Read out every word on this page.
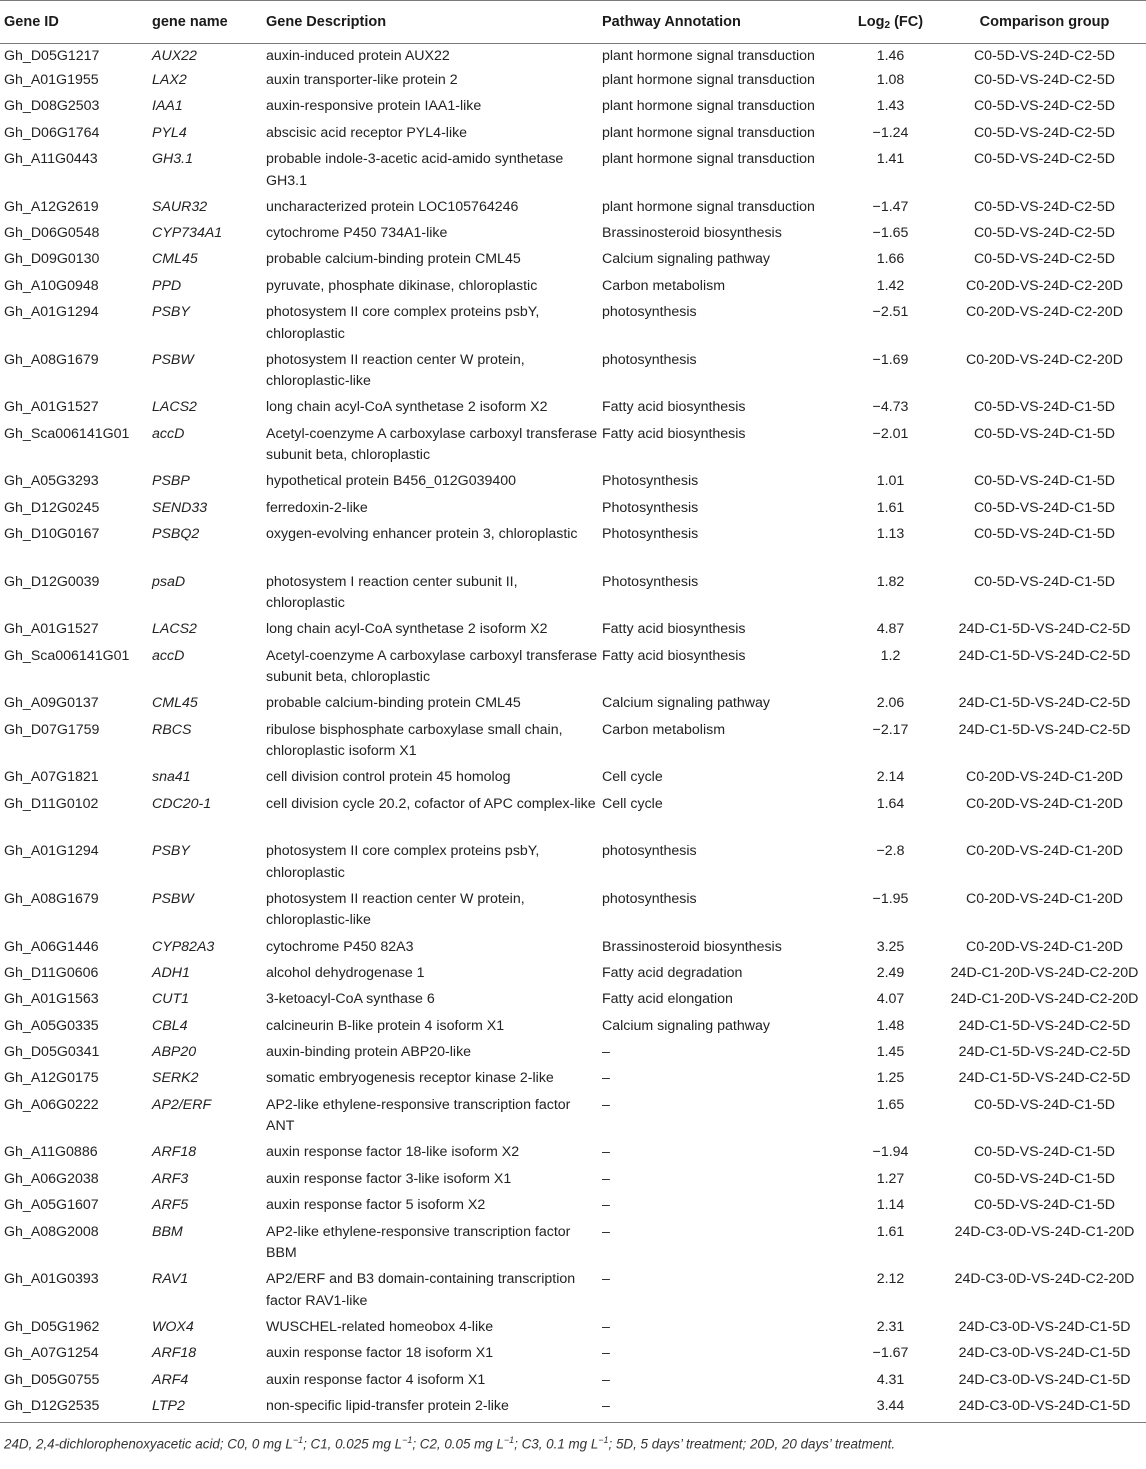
Gene ID	gene name	Gene Description	Pathway Annotation	Log2 (FC)	Comparison group
Gh_D05G1217	AUX22	auxin-induced protein AUX22	plant hormone signal transduction	1.46	C0-5D-VS-24D-C2-5D
Gh_A01G1955	LAX2	auxin transporter-like protein 2	plant hormone signal transduction	1.08	C0-5D-VS-24D-C2-5D
Gh_D08G2503	IAA1	auxin-responsive protein IAA1-like	plant hormone signal transduction	1.43	C0-5D-VS-24D-C2-5D
Gh_D06G1764	PYL4	abscisic acid receptor PYL4-like	plant hormone signal transduction	−1.24	C0-5D-VS-24D-C2-5D
Gh_A11G0443	GH3.1	probable indole-3-acetic acid-amido synthetase GH3.1	plant hormone signal transduction	1.41	C0-5D-VS-24D-C2-5D
Gh_A12G2619	SAUR32	uncharacterized protein LOC105764246	plant hormone signal transduction	−1.47	C0-5D-VS-24D-C2-5D
Gh_D06G0548	CYP734A1	cytochrome P450 734A1-like	Brassinosteroid biosynthesis	−1.65	C0-5D-VS-24D-C2-5D
Gh_D09G0130	CML45	probable calcium-binding protein CML45	Calcium signaling pathway	1.66	C0-5D-VS-24D-C2-5D
Gh_A10G0948	PPD	pyruvate, phosphate dikinase, chloroplastic	Carbon metabolism	1.42	C0-20D-VS-24D-C2-20D
Gh_A01G1294	PSBY	photosystem II core complex proteins psbY, chloroplastic	photosynthesis	−2.51	C0-20D-VS-24D-C2-20D
Gh_A08G1679	PSBW	photosystem II reaction center W protein, chloroplastic-like	photosynthesis	−1.69	C0-20D-VS-24D-C2-20D
Gh_A01G1527	LACS2	long chain acyl-CoA synthetase 2 isoform X2	Fatty acid biosynthesis	−4.73	C0-5D-VS-24D-C1-5D
Gh_Sca006141G01	accD	Acetyl-coenzyme A carboxylase carboxyl transferase subunit beta, chloroplastic	Fatty acid biosynthesis	−2.01	C0-5D-VS-24D-C1-5D
Gh_A05G3293	PSBP	hypothetical protein B456_012G039400	Photosynthesis	1.01	C0-5D-VS-24D-C1-5D
Gh_D12G0245	SEND33	ferredoxin-2-like	Photosynthesis	1.61	C0-5D-VS-24D-C1-5D
Gh_D10G0167	PSBQ2	oxygen-evolving enhancer protein 3, chloroplastic	Photosynthesis	1.13	C0-5D-VS-24D-C1-5D
Gh_D12G0039	psaD	photosystem I reaction center subunit II, chloroplastic	Photosynthesis	1.82	C0-5D-VS-24D-C1-5D
Gh_A01G1527	LACS2	long chain acyl-CoA synthetase 2 isoform X2	Fatty acid biosynthesis	4.87	24D-C1-5D-VS-24D-C2-5D
Gh_Sca006141G01	accD	Acetyl-coenzyme A carboxylase carboxyl transferase subunit beta, chloroplastic	Fatty acid biosynthesis	1.2	24D-C1-5D-VS-24D-C2-5D
Gh_A09G0137	CML45	probable calcium-binding protein CML45	Calcium signaling pathway	2.06	24D-C1-5D-VS-24D-C2-5D
Gh_D07G1759	RBCS	ribulose bisphosphate carboxylase small chain, chloroplastic isoform X1	Carbon metabolism	−2.17	24D-C1-5D-VS-24D-C2-5D
Gh_A07G1821	sna41	cell division control protein 45 homolog	Cell cycle	2.14	C0-20D-VS-24D-C1-20D
Gh_D11G0102	CDC20-1	cell division cycle 20.2, cofactor of APC complex-like	Cell cycle	1.64	C0-20D-VS-24D-C1-20D
Gh_A01G1294	PSBY	photosystem II core complex proteins psbY, chloroplastic	photosynthesis	−2.8	C0-20D-VS-24D-C1-20D
Gh_A08G1679	PSBW	photosystem II reaction center W protein, chloroplastic-like	photosynthesis	−1.95	C0-20D-VS-24D-C1-20D
Gh_A06G1446	CYP82A3	cytochrome P450 82A3	Brassinosteroid biosynthesis	3.25	C0-20D-VS-24D-C1-20D
Gh_D11G0606	ADH1	alcohol dehydrogenase 1	Fatty acid degradation	2.49	24D-C1-20D-VS-24D-C2-20D
Gh_A01G1563	CUT1	3-ketoacyl-CoA synthase 6	Fatty acid elongation	4.07	24D-C1-20D-VS-24D-C2-20D
Gh_A05G0335	CBL4	calcineurin B-like protein 4 isoform X1	Calcium signaling pathway	1.48	24D-C1-5D-VS-24D-C2-5D
Gh_D05G0341	ABP20	auxin-binding protein ABP20-like	–	1.45	24D-C1-5D-VS-24D-C2-5D
Gh_A12G0175	SERK2	somatic embryogenesis receptor kinase 2-like	–	1.25	24D-C1-5D-VS-24D-C2-5D
Gh_A06G0222	AP2/ERF	AP2-like ethylene-responsive transcription factor ANT	–	1.65	C0-5D-VS-24D-C1-5D
Gh_A11G0886	ARF18	auxin response factor 18-like isoform X2	–	−1.94	C0-5D-VS-24D-C1-5D
Gh_A06G2038	ARF3	auxin response factor 3-like isoform X1	–	1.27	C0-5D-VS-24D-C1-5D
Gh_A05G1607	ARF5	auxin response factor 5 isoform X2	–	1.14	C0-5D-VS-24D-C1-5D
Gh_A08G2008	BBM	AP2-like ethylene-responsive transcription factor BBM	–	1.61	24D-C3-0D-VS-24D-C1-20D
Gh_A01G0393	RAV1	AP2/ERF and B3 domain-containing transcription factor RAV1-like	–	2.12	24D-C3-0D-VS-24D-C2-20D
Gh_D05G1962	WOX4	WUSCHEL-related homeobox 4-like	–	2.31	24D-C3-0D-VS-24D-C1-5D
Gh_A07G1254	ARF18	auxin response factor 18 isoform X1	–	−1.67	24D-C3-0D-VS-24D-C1-5D
Gh_D05G0755	ARF4	auxin response factor 4 isoform X1	–	4.31	24D-C3-0D-VS-24D-C1-5D
Gh_D12G2535	LTP2	non-specific lipid-transfer protein 2-like	–	3.44	24D-C3-0D-VS-24D-C1-5D
24D, 2,4-dichlorophenoxyacetic acid; C0, 0 mg $L^{-1}$; C1, 0.025 mg $L^{-1}$; C2, 0.05 mg $L^{-1}$; C3, 0.1 mg $L^{-1}$; 5D, 5 days’ treatment; 20D, 20 days’ treatment.
